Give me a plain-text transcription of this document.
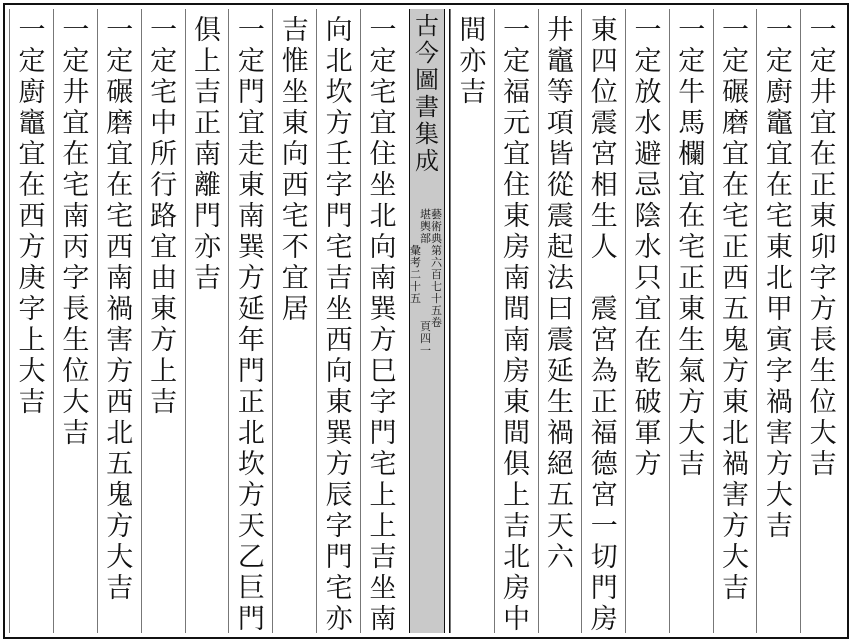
一
定
井
宜
在
正
東
卯
字
方
長
生
位
大
吉
一
定
廚
竈
宜
在
宅
東
北
甲
寅
字
禍
害
方
大
吉
一
定
碾
磨
宜
在
宅
正
西
五
鬼
方
東
北
禍
害
方
大
吉
一
定
牛
馬
欄
宜
在
宅
正
東
生
氣
方
大
吉
一
定
放
水
避
忌
陰
水
只
宜
在
乾
破
軍
方
東
四
位
震
宮
相
生
人

震
宮
為
正
福
德
宮
一
切
門
房
井
竈
等
項
皆
從
震
起
法
曰
震
延
生
禍
絕
五
天
六
一
定
福
元
宜
住
東
房
南
間
南
房
東
間
俱
上
吉
北
房
中
間
亦
吉
古
今
圖
書
集
成
藝
術
典
堪
輿
部
第
六
百
七
十
五
卷
彙
考
二
十
五
頁
四
一
一
定
宅
宜
住
坐
北
向
南
巽
方
巳
字
門
宅
上
上
吉
坐
南
向
北
坎
方
壬
字
門
宅
吉
坐
西
向
東
巽
方
辰
字
門
宅
亦
吉
惟
坐
東
向
西
宅
不
宜
居
一
定
門
宜
走
東
南
巽
方
延
年
門
正
北
坎
方
天
乙
巨
門
俱
上
吉
正
南
離
門
亦
吉
一
定
宅
中
所
行
路
宜
由
東
方
上
吉
一
定
碾
磨
宜
在
宅
西
南
禍
害
方
西
北
五
鬼
方
大
吉
一
定
井
宜
在
宅
南
丙
字
長
生
位
大
吉
一
定
廚
竈
宜
在
西
方
庚
字
上
大
吉
